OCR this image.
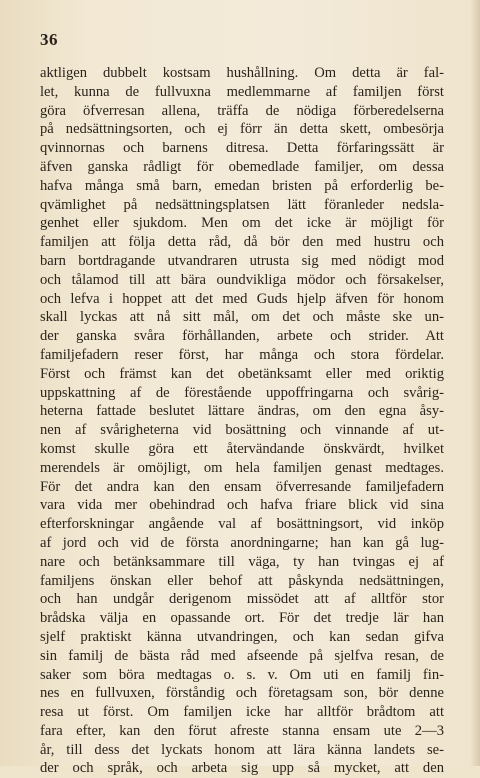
36
aktligen dubbelt kostsam hushållning. Om detta är fal-
let, kunna de fullvuxna medlemmarne af familjen först
göra öfverresan allena, träffa de nödiga förberedelserna
på nedsättningsorten, och ej förr än detta skett, ombesörja
qvinnornas och barnens ditresa. Detta förfaringssätt är
äfven ganska rådligt för obemedlade familjer, om dessa
hafva många små barn, emedan bristen på erforderlig be-
qvämlighet på nedsättningsplatsen lätt föranleder nedsla-
genhet eller sjukdom. Men om det icke är möjligt för
familjen att följa detta råd, då bör den med hustru och
barn bortdragande utvandraren utrusta sig med nödigt mod
och tålamod till att bära oundvikliga mödor och försakelser,
och lefva i hoppet att det med Guds hjelp äfven för honom
skall lyckas att nå sitt mål, om det och måste ske un-
der ganska svåra förhållanden, arbete och strider. Att
familjefadern reser först, har många och stora fördelar.
Först och främst kan det obetänksamt eller med oriktig
uppskattning af de förestående uppoffringarna och svårig-
heterna fattade beslutet lättare ändras, om den egna åsy-
nen af svårigheterna vid bosättning och vinnande af ut-
komst skulle göra ett återvändande önskvärdt, hvilket
merendels är omöjligt, om hela familjen genast medtages.
För det andra kan den ensam öfverresande familjefadern
vara vida mer obehindrad och hafva friare blick vid sina
efterforskningar angående val af bosättningsort, vid inköp
af jord och vid de första anordningarne; han kan gå lug-
nare och betänksammare till väga, ty han tvingas ej af
familjens önskan eller behof att påskynda nedsättningen,
och han undgår derigenom missödet att af alltför stor
brådska välja en opassande ort. För det tredje lär han
sjelf praktiskt känna utvandringen, och kan sedan gifva
sin familj de bästa råd med afseende på sjelfva resan, de
saker som böra medtagas o. s. v. Om uti en familj fin-
nes en fullvuxen, förståndig och företagsam son, bör denne
resa ut först. Om familjen icke har alltför brådtom att
fara efter, kan den förut afreste stanna ensam ute 2—3
år, till dess det lyckats honom att lära känna landets se-
der och språk, och arbeta sig upp så mycket, att den
